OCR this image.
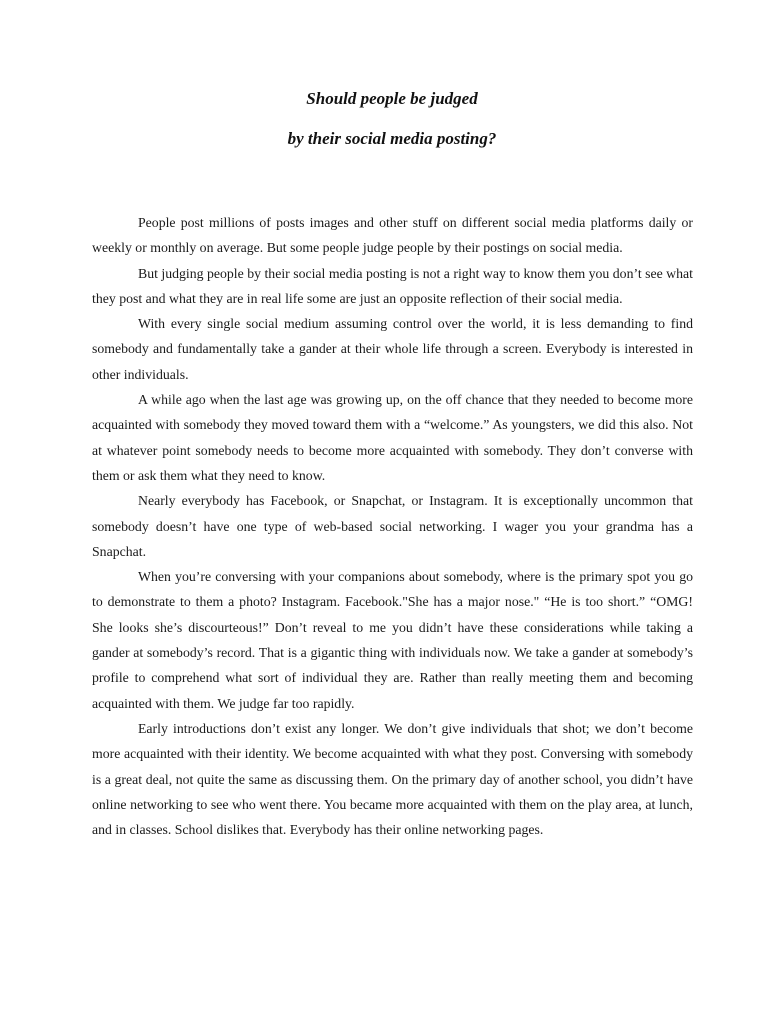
Should people be judged
by their social media posting?

People post millions of posts images and other stuff on different social media platforms daily or weekly or monthly on average. But some people judge people by their postings on social media.

But judging people by their social media posting is not a right way to know them you don’t see what they post and what they are in real life some are just an opposite reflection of their social media.

With every single social medium assuming control over the world, it is less demanding to find somebody and fundamentally take a gander at their whole life through a screen. Everybody is interested in other individuals.

A while ago when the last age was growing up, on the off chance that they needed to become more acquainted with somebody they moved toward them with a “welcome.” As youngsters, we did this also. Not at whatever point somebody needs to become more acquainted with somebody. They don’t converse with them or ask them what they need to know.

Nearly everybody has Facebook, or Snapchat, or Instagram. It is exceptionally uncommon that somebody doesn’t have one type of web-based social networking. I wager you your grandma has a Snapchat.

When you’re conversing with your companions about somebody, where is the primary spot you go to demonstrate to them a photo? Instagram. Facebook."She has a major nose." “He is too short.” “OMG! She looks she’s discourteous!” Don’t reveal to me you didn’t have these considerations while taking a gander at somebody’s record. That is a gigantic thing with individuals now. We take a gander at somebody’s profile to comprehend what sort of individual they are. Rather than really meeting them and becoming acquainted with them. We judge far too rapidly.

Early introductions don’t exist any longer. We don’t give individuals that shot; we don’t become more acquainted with their identity. We become acquainted with what they post. Conversing with somebody is a great deal, not quite the same as discussing them. On the primary day of another school, you didn’t have online networking to see who went there. You became more acquainted with them on the play area, at lunch, and in classes. School dislikes that. Everybody has their online networking pages.
